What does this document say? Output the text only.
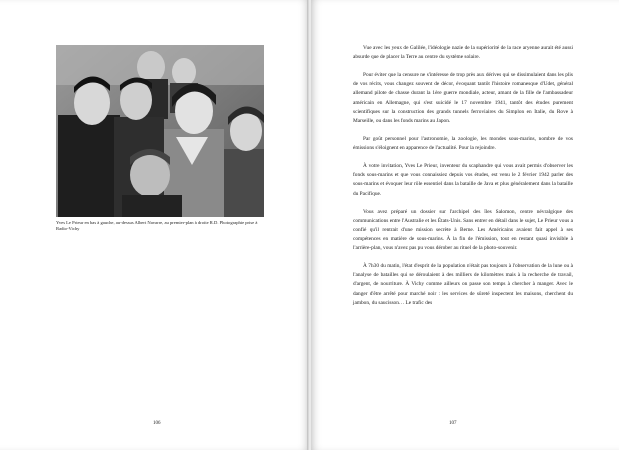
Yves Le Prieur en bas à gauche, au-dessus Albert Navarre, au premier-plan à droite R.D. Photographie prise à Radio-Vichy
106

Vue avec les yeux de Galilée, l'idéologie nazie de la supériorité de la race aryenne aurait été aussi absurde que de placer la Terre au centre du système solaire.

Pour éviter que la censure ne s'intéresse de trop près aux dérives qui se dissimulaient dans les plis de vos récits, vous changez souvent de décor, évoquant tantôt l'histoire romanesque d'Udet, général allemand pilote de chasse durant la 1ère guerre mondiale, acteur, amant de la fille de l'ambassadeur américain en Allemagne, qui s'est suicidé le 17 novembre 1941, tantôt des études purement scientifiques sur la construction des grands tunnels ferroviaires du Simplon en Italie, du Rove à Marseille, ou dans les fonds marins au Japon.

Par goût personnel pour l'astronomie, la zoologie, les mondes sous-marins, nombre de vos émissions s'éloignent en apparence de l'actualité. Pour la rejoindre.

À votre invitation, Yves Le Prieur, inventeur du scaphandre qui vous avait permis d'observer les fonds sous-marins et que vous connaissiez depuis vos études, est venu le 2 février 1942 parler des sous-marins et évoquer leur rôle essentiel dans la bataille de Java et plus généralement dans la bataille du Pacifique.

Vous avez préparé un dossier sur l'archipel des îles Salomon, centre névralgique des communications entre l'Australie et les États-Unis. Sans entrer en détail dans le sujet, Le Prieur vous a confié qu'il rentrait d'une mission secrète à Berne. Les Américains avaient fait appel à ses compétences en matière de sous-marins. À la fin de l'émission, tout en restant quasi invisible à l'arrière-plan, vous n'avez pas pu vous dérober au rituel de la photo-souvenir.

À 7h30 du matin, l'état d'esprit de la population n'était pas toujours à l'observation de la lune ou à l'analyse de batailles qui se déroulaient à des milliers de kilomètres mais à la recherche de travail, d'argent, de nourriture. À Vichy comme ailleurs on passe son temps à chercher à manger. Avec le danger d'être arrêté pour marché noir : les services de sûreté inspectent les maisons, cherchent du jambon, du saucisson… Le trafic des

107
